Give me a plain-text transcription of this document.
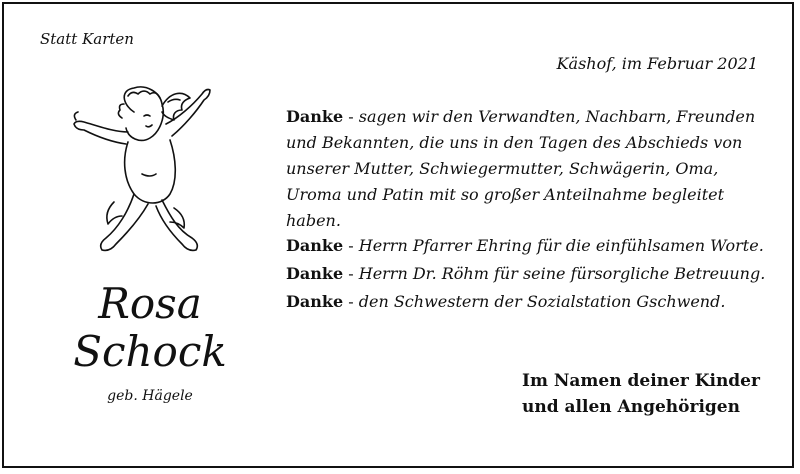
Statt Karten
Käshof, im Februar 2021
Rosa
Schock
geb. Hägele
Danke - sagen wir den Verwandten, Nachbarn, Freunden und Bekannten, die uns in den Tagen des Abschieds von unserer Mutter, Schwiegermutter, Schwägerin, Oma, Uroma und Patin mit so großer Anteilnahme begleitet haben.
Danke - Herrn Pfarrer Ehring für die einfühlsamen Worte.
Danke - Herrn Dr. Röhm für seine fürsorgliche Betreuung.
Danke - den Schwestern der Sozialstation Gschwend.
Im Namen deiner Kinder
und allen Angehörigen
